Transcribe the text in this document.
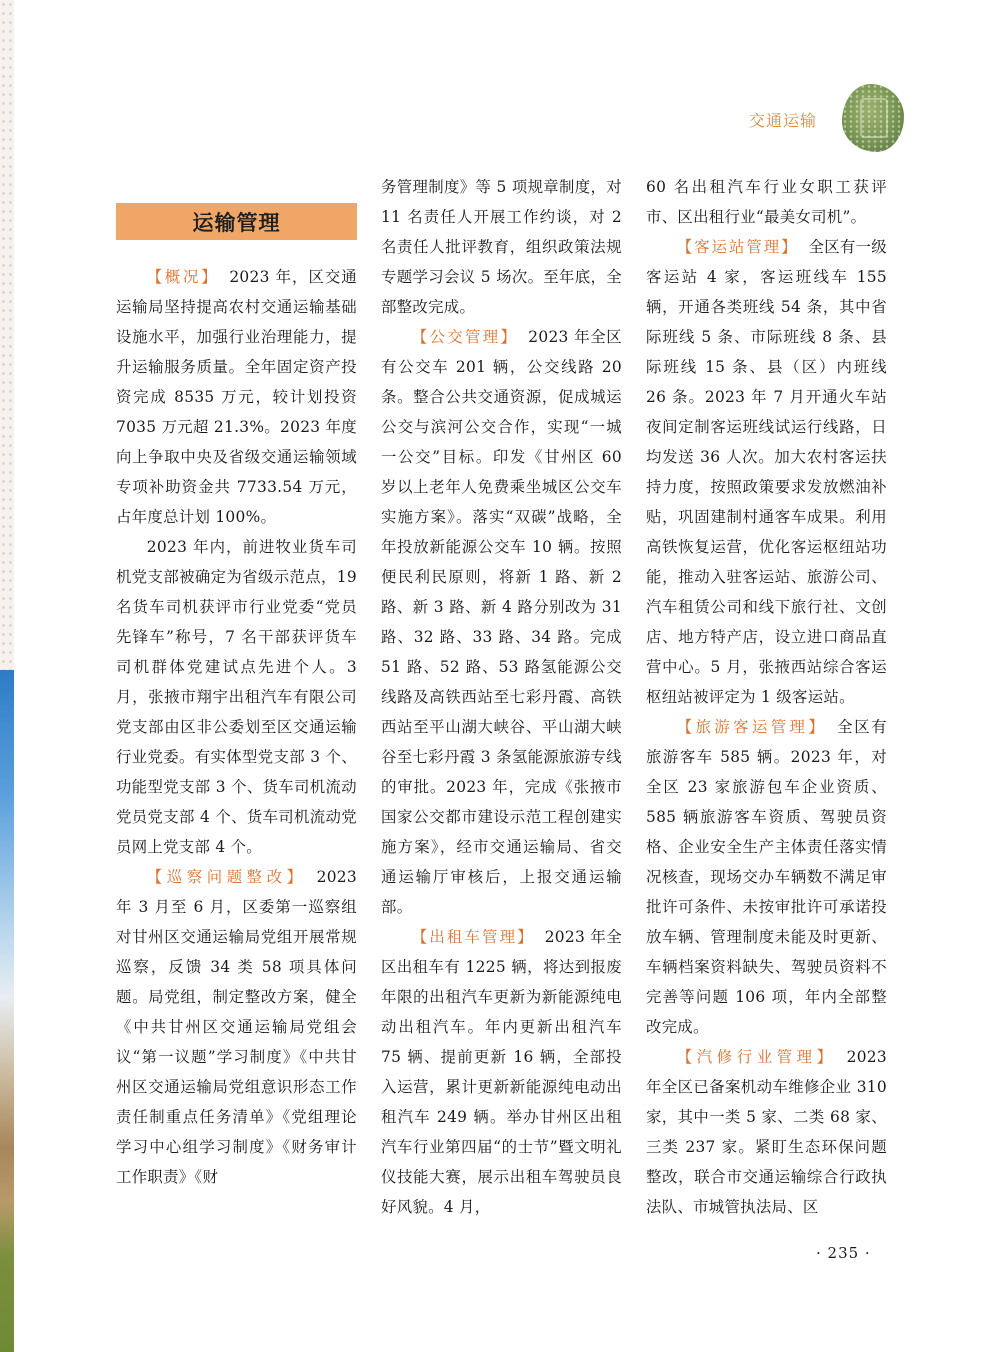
交通运输
运输管理

【概况】 2023 年，区交通运输局坚持提高农村交通运输基础设施水平，加强行业治理能力，提升运输服务质量。全年固定资产投资完成 8535 万元，较计划投资 7035 万元超 21.3%。2023 年度向上争取中央及省级交通运输领域专项补助资金共 7733.54 万元，占年度总计划 100%。

2023 年内，前进牧业货车司机党支部被确定为省级示范点，19 名货车司机获评市行业党委“党员先锋车”称号，7 名干部获评货车司机群体党建试点先进个人。3 月，张掖市翔宇出租汽车有限公司党支部由区非公委划至区交通运输行业党委。有实体型党支部 3 个、功能型党支部 3 个、货车司机流动党员党支部 4 个、货车司机流动党员网上党支部 4 个。

【巡察问题整改】 2023 年 3 月至 6 月，区委第一巡察组对甘州区交通运输局党组开展常规巡察，反馈 34 类 58 项具体问题。局党组，制定整改方案，健全《中共甘州区交通运输局党组会议“第一议题”学习制度》《中共甘州区交通运输局党组意识形态工作责任制重点任务清单》《党组理论学习中心组学习制度》《财务审计工作职责》《财

务管理制度》等 5 项规章制度，对 11 名责任人开展工作约谈，对 2 名责任人批评教育，组织政策法规专题学习会议 5 场次。至年底，全部整改完成。

【公交管理】 2023 年全区有公交车 201 辆，公交线路 20 条。整合公共交通资源，促成城运公交与滨河公交合作，实现“一城一公交”目标。印发《甘州区 60 岁以上老年人免费乘坐城区公交车实施方案》。落实“双碳”战略，全年投放新能源公交车 10 辆。按照便民利民原则，将新 1 路、新 2 路、新 3 路、新 4 路分别改为 31 路、32 路、33 路、34 路。完成 51 路、52 路、53 路氢能源公交线路及高铁西站至七彩丹霞、高铁西站至平山湖大峡谷、平山湖大峡谷至七彩丹霞 3 条氢能源旅游专线的审批。2023 年，完成《张掖市国家公交都市建设示范工程创建实施方案》，经市交通运输局、省交通运输厅审核后，上报交通运输部。

【出租车管理】 2023 年全区出租车有 1225 辆，将达到报废年限的出租汽车更新为新能源纯电动出租汽车。年内更新出租汽车 75 辆、提前更新 16 辆，全部投入运营，累计更新新能源纯电动出租汽车 249 辆。举办甘州区出租汽车行业第四届“的士节”暨文明礼仪技能大赛，展示出租车驾驶员良好风貌。4 月，

60 名出租汽车行业女职工获评市、区出租行业“最美女司机”。

【客运站管理】 全区有一级客运站 4 家，客运班线车 155 辆，开通各类班线 54 条，其中省际班线 5 条、市际班线 8 条、县际班线 15 条、县（区）内班线 26 条。2023 年 7 月开通火车站夜间定制客运班线试运行线路，日均发送 36 人次。加大农村客运扶持力度，按照政策要求发放燃油补贴，巩固建制村通客车成果。利用高铁恢复运营，优化客运枢纽站功能，推动入驻客运站、旅游公司、汽车租赁公司和线下旅行社、文创店、地方特产店，设立进口商品直营中心。5 月，张掖西站综合客运枢纽站被评定为 1 级客运站。

【旅游客运管理】 全区有旅游客车 585 辆。2023 年，对全区 23 家旅游包车企业资质、585 辆旅游客车资质、驾驶员资格、企业安全生产主体责任落实情况核查，现场交办车辆数不满足审批许可条件、未按审批许可承诺投放车辆、管理制度未能及时更新、车辆档案资料缺失、驾驶员资料不完善等问题 106 项，年内全部整改完成。

【汽修行业管理】 2023 年全区已备案机动车维修企业 310 家，其中一类 5 家、二类 68 家、三类 237 家。紧盯生态环保问题整改，联合市交通运输综合行政执法队、市城管执法局、区

· 235 ·
